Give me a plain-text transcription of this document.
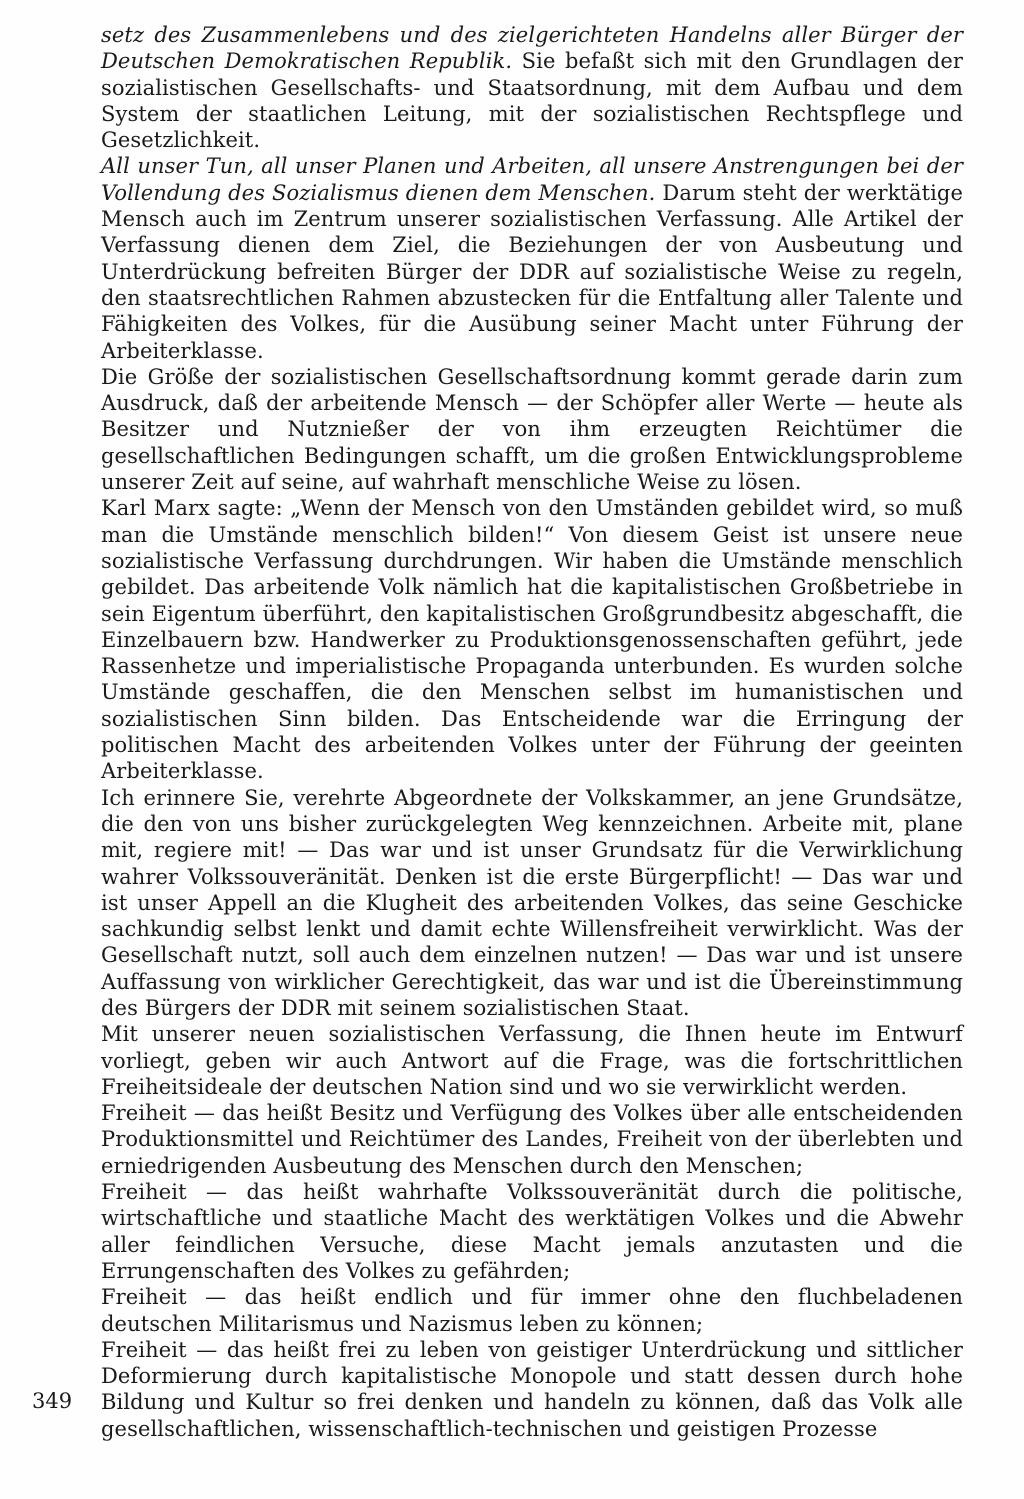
setz des Zusammenlebens und des zielgerichteten Handelns aller Bürger der Deutschen Demokratischen Republik. Sie befaßt sich mit den Grundlagen der sozialistischen Gesellschafts- und Staatsordnung, mit dem Aufbau und dem System der staatlichen Leitung, mit der sozialistischen Rechtspflege und Gesetzlichkeit.

All unser Tun, all unser Planen und Arbeiten, all unsere Anstrengungen bei der Vollendung des Sozialismus dienen dem Menschen. Darum steht der werktätige Mensch auch im Zentrum unserer sozialistischen Verfassung. Alle Artikel der Verfassung dienen dem Ziel, die Beziehungen der von Ausbeutung und Unterdrückung befreiten Bürger der DDR auf sozialistische Weise zu regeln, den staatsrechtlichen Rahmen abzustecken für die Entfaltung aller Talente und Fähigkeiten des Volkes, für die Ausübung seiner Macht unter Führung der Arbeiterklasse.

Die Größe der sozialistischen Gesellschaftsordnung kommt gerade darin zum Ausdruck, daß der arbeitende Mensch — der Schöpfer aller Werte — heute als Besitzer und Nutznießer der von ihm erzeugten Reichtümer die gesellschaftlichen Bedingungen schafft, um die großen Entwicklungsprobleme unserer Zeit auf seine, auf wahrhaft menschliche Weise zu lösen.

Karl Marx sagte: „Wenn der Mensch von den Umständen gebildet wird, so muß man die Umstände menschlich bilden!“ Von diesem Geist ist unsere neue sozialistische Verfassung durchdrungen. Wir haben die Umstände menschlich gebildet. Das arbeitende Volk nämlich hat die kapitalistischen Großbetriebe in sein Eigentum überführt, den kapitalistischen Großgrundbesitz abgeschafft, die Einzelbauern bzw. Handwerker zu Produktionsgenossenschaften geführt, jede Rassenhetze und imperialistische Propaganda unterbunden. Es wurden solche Umstände geschaffen, die den Menschen selbst im humanistischen und sozialistischen Sinn bilden. Das Entscheidende war die Erringung der politischen Macht des arbeitenden Volkes unter der Führung der geeinten Arbeiterklasse.

Ich erinnere Sie, verehrte Abgeordnete der Volkskammer, an jene Grundsätze, die den von uns bisher zurückgelegten Weg kennzeichnen. Arbeite mit, plane mit, regiere mit! — Das war und ist unser Grundsatz für die Verwirklichung wahrer Volkssouveränität. Denken ist die erste Bürgerpflicht! — Das war und ist unser Appell an die Klugheit des arbeitenden Volkes, das seine Geschicke sachkundig selbst lenkt und damit echte Willensfreiheit verwirklicht. Was der Gesellschaft nutzt, soll auch dem einzelnen nutzen! — Das war und ist unsere Auffassung von wirklicher Gerechtigkeit, das war und ist die Übereinstimmung des Bürgers der DDR mit seinem sozialistischen Staat.

Mit unserer neuen sozialistischen Verfassung, die Ihnen heute im Entwurf vorliegt, geben wir auch Antwort auf die Frage, was die fortschrittlichen Freiheitsideale der deutschen Nation sind und wo sie verwirklicht werden.

Freiheit — das heißt Besitz und Verfügung des Volkes über alle entscheidenden Produktionsmittel und Reichtümer des Landes, Freiheit von der überlebten und erniedrigenden Ausbeutung des Menschen durch den Menschen;

Freiheit — das heißt wahrhafte Volkssouveränität durch die politische, wirtschaftliche und staatliche Macht des werktätigen Volkes und die Abwehr aller feindlichen Versuche, diese Macht jemals anzutasten und die Errungenschaften des Volkes zu gefährden;

Freiheit — das heißt endlich und für immer ohne den fluchbeladenen deutschen Militarismus und Nazismus leben zu können;

Freiheit — das heißt frei zu leben von geistiger Unterdrückung und sittlicher Deformierung durch kapitalistische Monopole und statt dessen durch hohe Bildung und Kultur so frei denken und handeln zu können, daß das Volk alle gesellschaftlichen, wissenschaftlich-technischen und geistigen Prozesse

349
